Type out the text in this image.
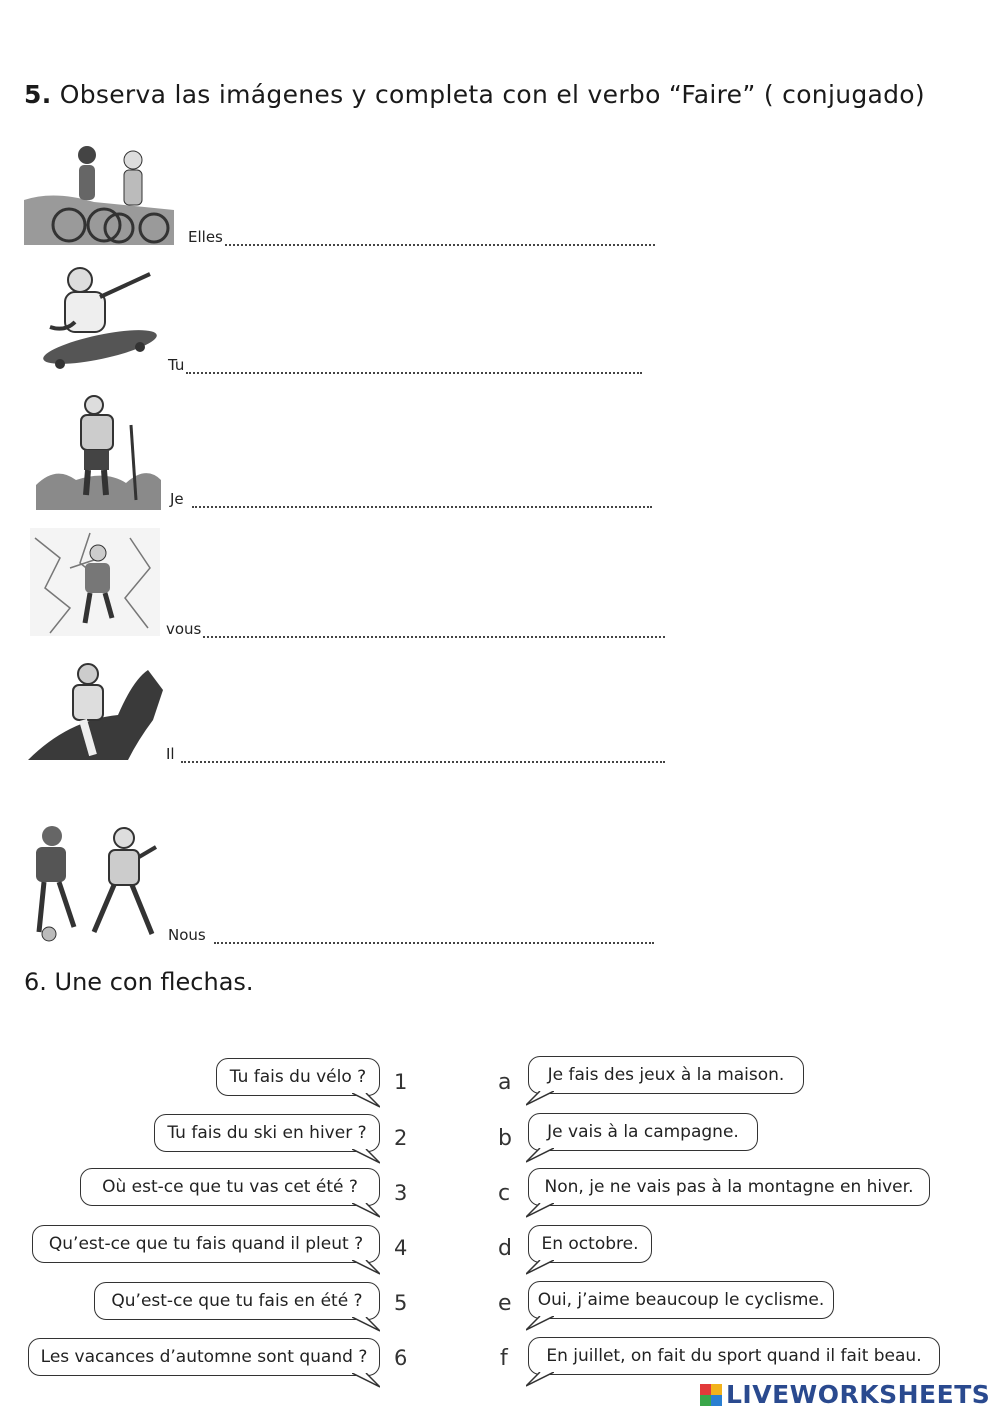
5. Observa las imágenes y completa con el verbo “Faire” ( conjugado)
Elles
Tu
Je
vous
Il
Nous
6. Une con flechas.
Tu fais du vélo ? 1
Tu fais du ski en hiver ? 2
Où est-ce que tu vas cet été ? 3
Qu’est-ce que tu fais quand il pleut ? 4
Qu’est-ce que tu fais en été ? 5
Les vacances d’automne sont quand ? 6
a Je fais des jeux à la maison.
b Je vais à la campagne.
c Non, je ne vais pas à la montagne en hiver.
d En octobre.
e Oui, j’aime beaucoup le cyclisme.
f En juillet, on fait du sport quand il fait beau.
LIVEWORKSHEETS
